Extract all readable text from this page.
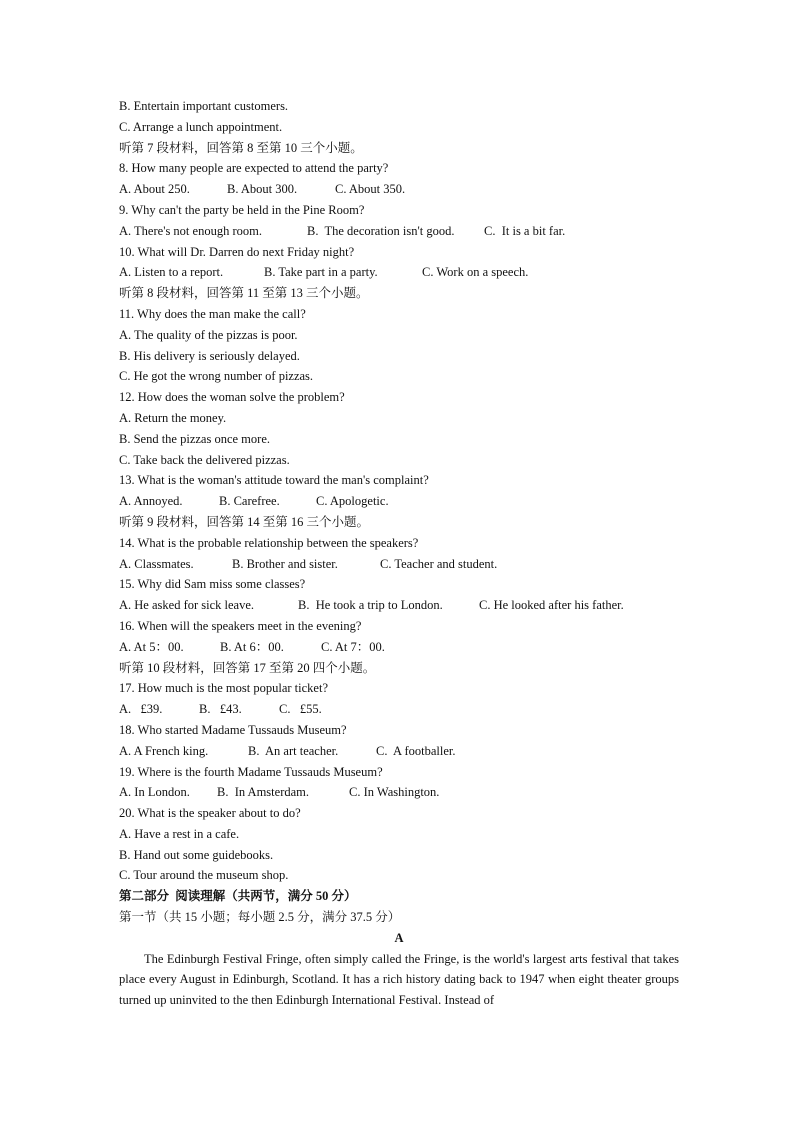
B. Entertain important customers.
C. Arrange a lunch appointment.
听第 7 段材料，回答第 8 至第 10 三个小题。
8. How many people are expected to attend the party?
A. About 250.	B. About 300.	C. About 350.
9. Why can't the party be held in the Pine Room?
A. There's not enough room.	B.  The decoration isn't good. C.  It is a bit far.
10. What will Dr. Darren do next Friday night?
A. Listen to a report.	B. Take part in a party.	C. Work on a speech.
听第 8 段材料，回答第 11 至第 13 三个小题。
11. Why does the man make the call?
A. The quality of the pizzas is poor.
B. His delivery is seriously delayed.
C. He got the wrong number of pizzas.
12. How does the woman solve the problem?
A. Return the money.
B. Send the pizzas once more.
C. Take back the delivered pizzas.
13. What is the woman's attitude toward the man's complaint?
A. Annoyed.	B. Carefree.	C. Apologetic.
听第 9 段材料，回答第 14 至第 16 三个小题。
14. What is the probable relationship between the speakers?
A. Classmates.	B. Brother and sister.	C. Teacher and student.
15. Why did Sam miss some classes?
A. He asked for sick leave.	B.  He took a trip to London.	C. He looked after his father.
16. When will the speakers meet in the evening?
A. At 5：00.	B. At 6：00.	C. At 7：00.
听第 10 段材料，回答第 17 至第 20 四个小题。
17. How much is the most popular ticket?
A.   £39.	B.   £43.	C.   £55.
18. Who started Madame Tussauds Museum?
A. A French king.	B.  An art teacher.	C.  A footballer.
19. Where is the fourth Madame Tussauds Museum?
A. In London. B.  In Amsterdam.	C. In Washington.
20. What is the speaker about to do?
A. Have a rest in a cafe.
B. Hand out some guidebooks.
C. Tour around the museum shop.
第二部分  阅读理解（共两节，满分 50 分）
第一节（共 15 小题；每小题 2.5 分，满分 37.5 分）
A
The Edinburgh Festival Fringe, often simply called the Fringe, is the world's largest arts festival that takes place every August in Edinburgh, Scotland. It has a rich history dating back to 1947 when eight theater groups turned up uninvited to the then Edinburgh International Festival. Instead of
